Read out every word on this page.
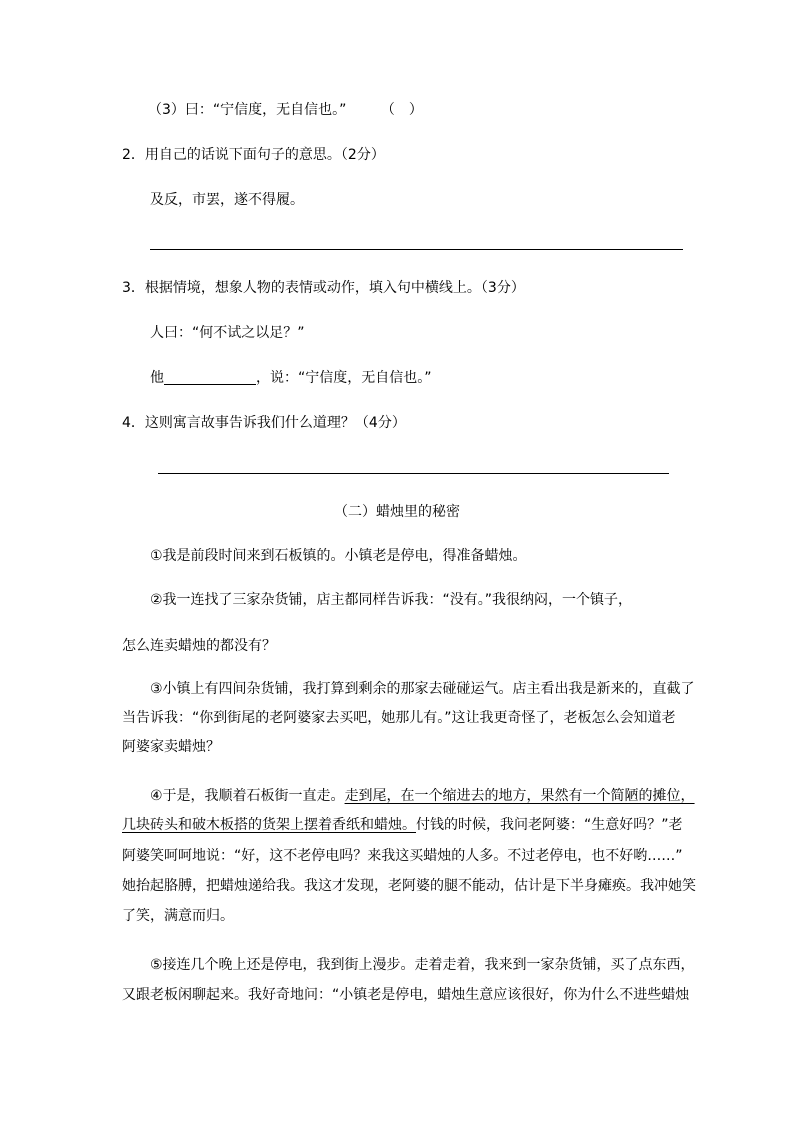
（3）曰：“宁信度，无自信也。” （　）
2．用自己的话说下面句子的意思。（2分）
及反，市罢，遂不得履。
3．根据情境，想象人物的表情或动作，填入句中横线上。（3分）
人曰：“何不试之以足？”
他	，说：“宁信度，无自信也。”
4．这则寓言故事告诉我们什么道理？（4分）
（二）蜡烛里的秘密
①我是前段时间来到石板镇的。小镇老是停电，得准备蜡烛。
②我一连找了三家杂货铺，店主都同样告诉我：“没有。”我很纳闷，一个镇子，
怎么连卖蜡烛的都没有？
③小镇上有四间杂货铺，我打算到剩余的那家去碰碰运气。店主看出我是新来的，直截了
当告诉我：“你到街尾的老阿婆家去买吧，她那儿有。”这让我更奇怪了，老板怎么会知道老
阿婆家卖蜡烛？
④于是，我顺着石板街一直走。走到尾，在一个缩进去的地方，果然有一个简陋的摊位，
几块砖头和破木板搭的货架上摆着香纸和蜡烛。付钱的时候，我问老阿婆：“生意好吗？”老
阿婆笑呵呵地说：“好，这不老停电吗？来我这买蜡烛的人多。不过老停电，也不好哟……”
她抬起胳膊，把蜡烛递给我。我这才发现，老阿婆的腿不能动，估计是下半身瘫痪。我冲她笑
了笑，满意而归。
⑤接连几个晚上还是停电，我到街上漫步。走着走着，我来到一家杂货铺，买了点东西，
又跟老板闲聊起来。我好奇地问：“小镇老是停电，蜡烛生意应该很好，你为什么不进些蜡烛
